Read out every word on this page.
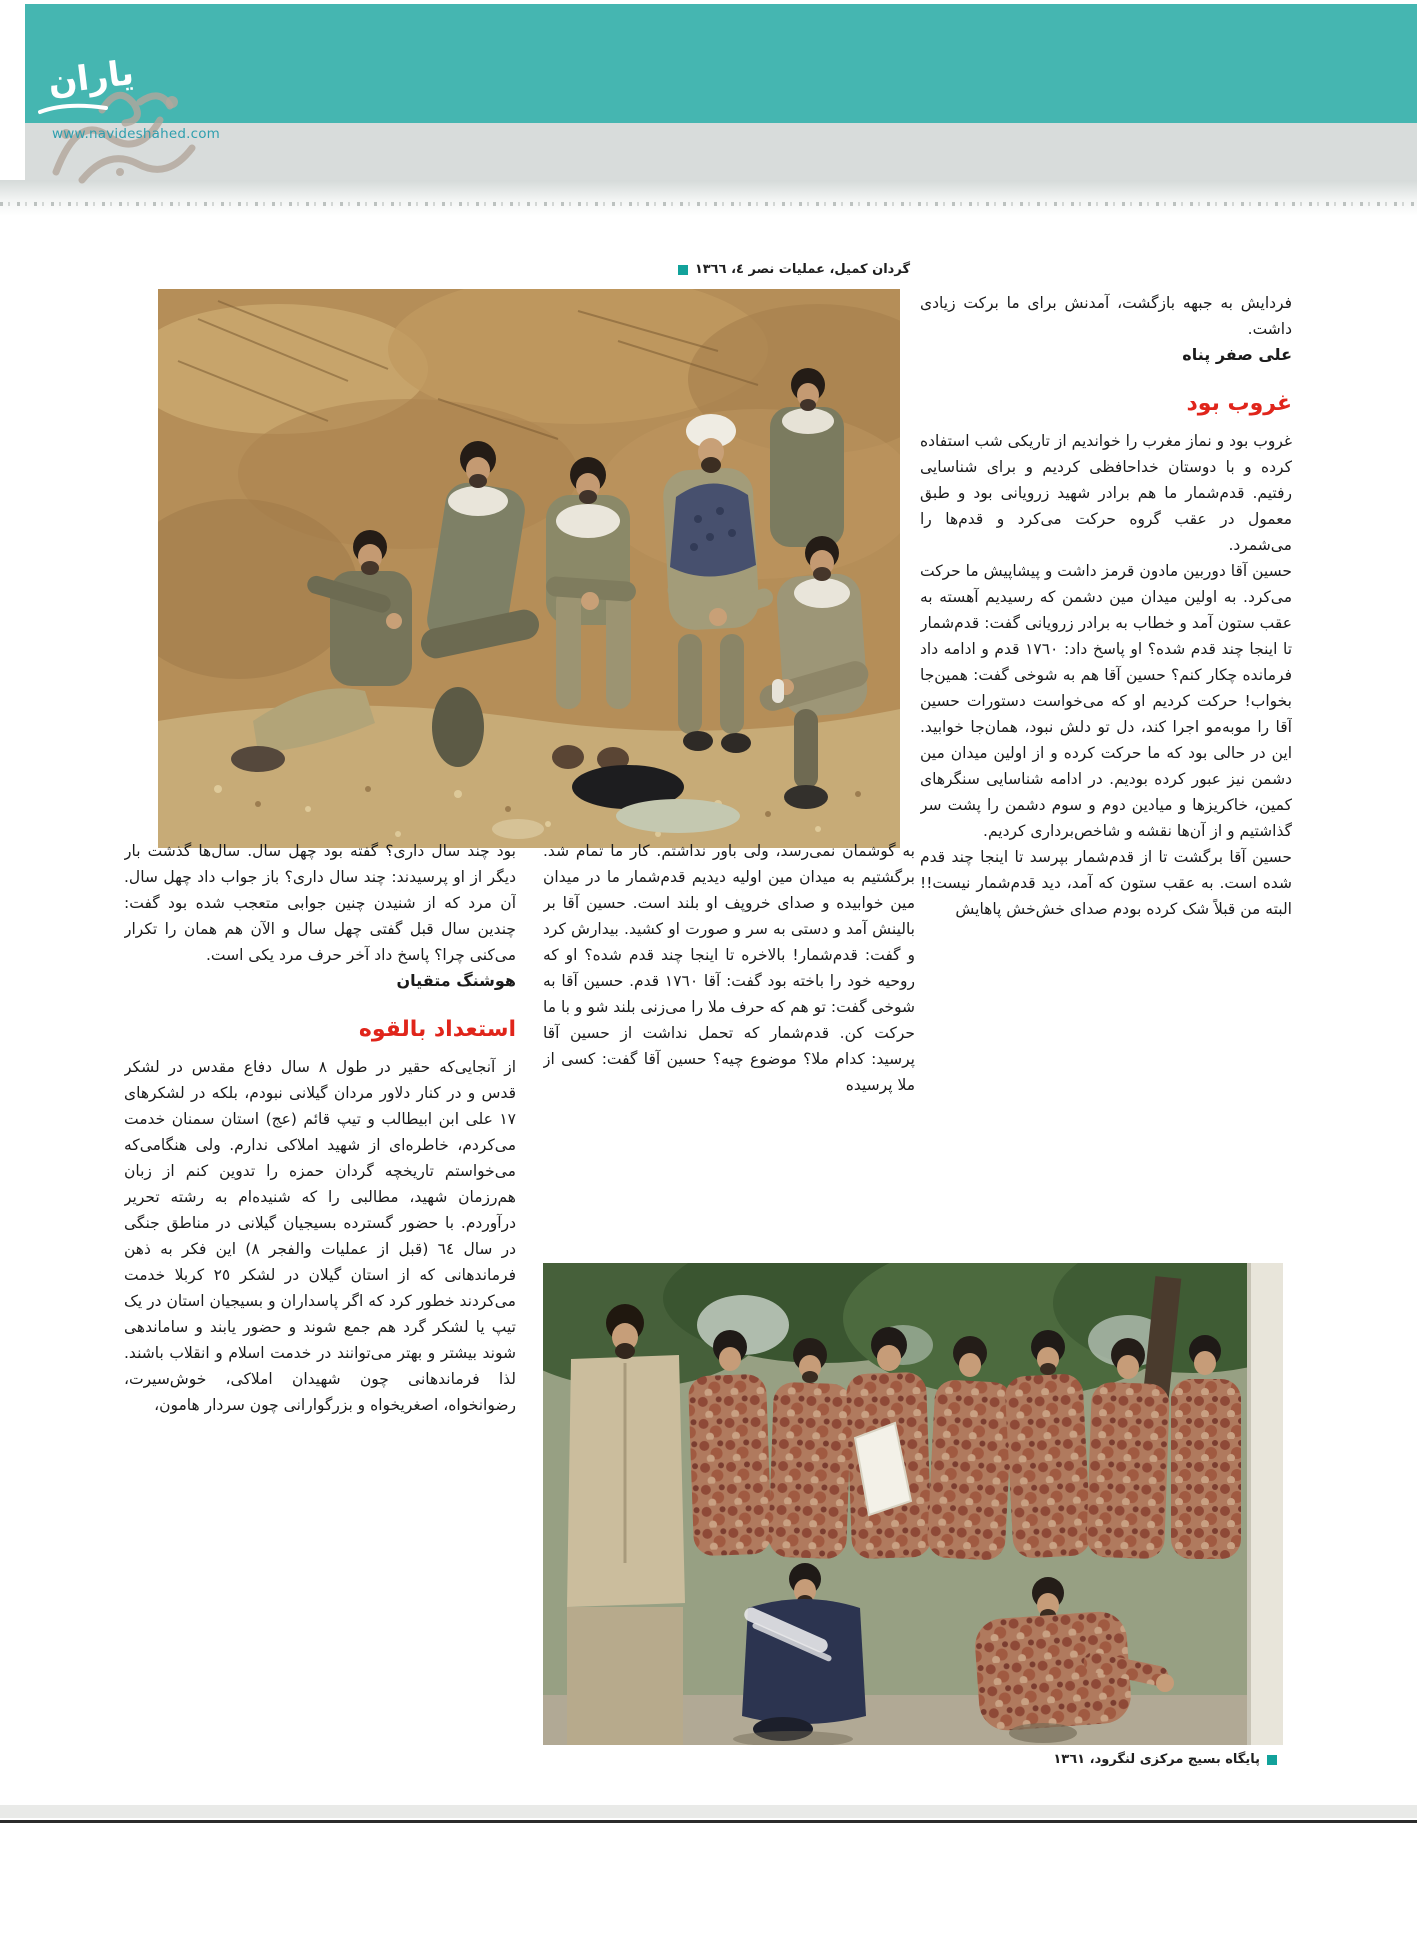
یاران
www.navideshahed.com
گردان کمیل، عملیات نصر ٤، ١٣٦٦

فردایش به جبهه بازگشت، آمدنش برای ما برکت زیادی داشت.

علی صفر پناه

غروب بود

غروب بود و نماز مغرب را خواندیم از تاریکی شب استفاده کرده و با دوستان خداحافظی کردیم و برای شناسایی رفتیم. قدم‌شمار ما هم برادر شهید زرویانی بود و طبق معمول در عقب گروه حرکت می‌کرد و قدم‌ها را می‌شمرد.

حسین آقا دوربین مادون قرمز داشت و پیشاپیش ما حرکت می‌کرد. به اولین میدان مین دشمن که رسیدیم آهسته به عقب ستون آمد و خطاب به برادر زرویانی گفت: قدم‌شمار تا اینجا چند قدم شده؟ او پاسخ داد: ١٧٦٠ قدم و ادامه داد فرمانده چکار کنم؟ حسین آقا هم به شوخی گفت: همین‌جا بخواب! حرکت کردیم او که می‌خواست دستورات حسین آقا را موبه‌مو اجرا کند، دل تو دلش نبود، همان‌جا خوابید. این در حالی بود که ما حرکت کرده و از اولین میدان مین دشمن نیز عبور کرده بودیم. در ادامه شناسایی سنگرهای کمین، خاکریزها و میادین دوم و سوم دشمن را پشت سر گذاشتیم و از آن‌ها نقشه و شاخص‌برداری کردیم.

حسین آقا برگشت تا از قدم‌شمار بپرسد تا اینجا چند قدم شده است. به عقب ستون که آمد، دید قدم‌شمار نیست!! البته من قبلاً شک کرده بودم صدای خش‌خش پاهایش

به گوشمان نمی‌رسد، ولی باور نداشتم. کار ما تمام شد. برگشتیم به میدان مین اولیه دیدیم قدم‌شمار ما در میدان مین خوابیده و صدای خروپف او بلند است. حسین آقا بر بالینش آمد و دستی به سر و صورت او کشید. بیدارش کرد و گفت: قدم‌شمار! بالاخره تا اینجا چند قدم شده؟ او که روحیه خود را باخته بود گفت: آقا ١٧٦٠ قدم. حسین آقا به شوخی گفت: تو هم که حرف ملا را می‌زنی بلند شو و با ما حرکت کن. قدم‌شمار که تحمل نداشت از حسین آقا پرسید: کدام ملا؟ موضوع چیه؟ حسین آقا گفت: کسی از ملا پرسیده

بود چند سال داری؟ گفته بود چهل سال. سال‌ها گذشت بار دیگر از او پرسیدند: چند سال داری؟ باز جواب داد چهل سال. آن مرد که از شنیدن چنین جوابی متعجب شده بود گفت: چندین سال قبل گفتی چهل سال و الآن هم همان را تکرار می‌کنی چرا؟ پاسخ داد آخر حرف مرد یکی است.

هوشنگ متقیان

استعداد بالقوه

از آنجایی‌که حقیر در طول ٨ سال دفاع مقدس در لشکر قدس و در کنار دلاور مردان گیلانی نبودم، بلکه در لشکرهای ١٧ علی ابن ابیطالب و تیپ قائم (عج) استان سمنان خدمت می‌کردم، خاطره‌ای از شهید املاکی ندارم. ولی هنگامی‌که می‌خواستم تاریخچه گردان حمزه را تدوین کنم از زبان هم‌رزمان شهید، مطالبی را که شنیده‌ام به رشته تحریر درآوردم. با حضور گسترده بسیجیان گیلانی در مناطق جنگی در سال ٦٤ (قبل از عملیات والفجر ٨) این فکر به ذهن فرماندهانی که از استان گیلان در لشکر ٢٥ کربلا خدمت می‌کردند خطور کرد که اگر پاسداران و بسیجیان استان در یک تیپ یا لشکر گرد هم جمع شوند و حضور یابند و ساماندهی شوند بیشتر و بهتر می‌توانند در خدمت اسلام و انقلاب باشند. لذا فرماندهانی چون شهیدان املاکی، خوش‌سیرت، رضوانخواه، اصغریخواه و بزرگوارانی چون سردار هامون،

پایگاه بسیج مرکزی لنگرود، ١٣٦١
